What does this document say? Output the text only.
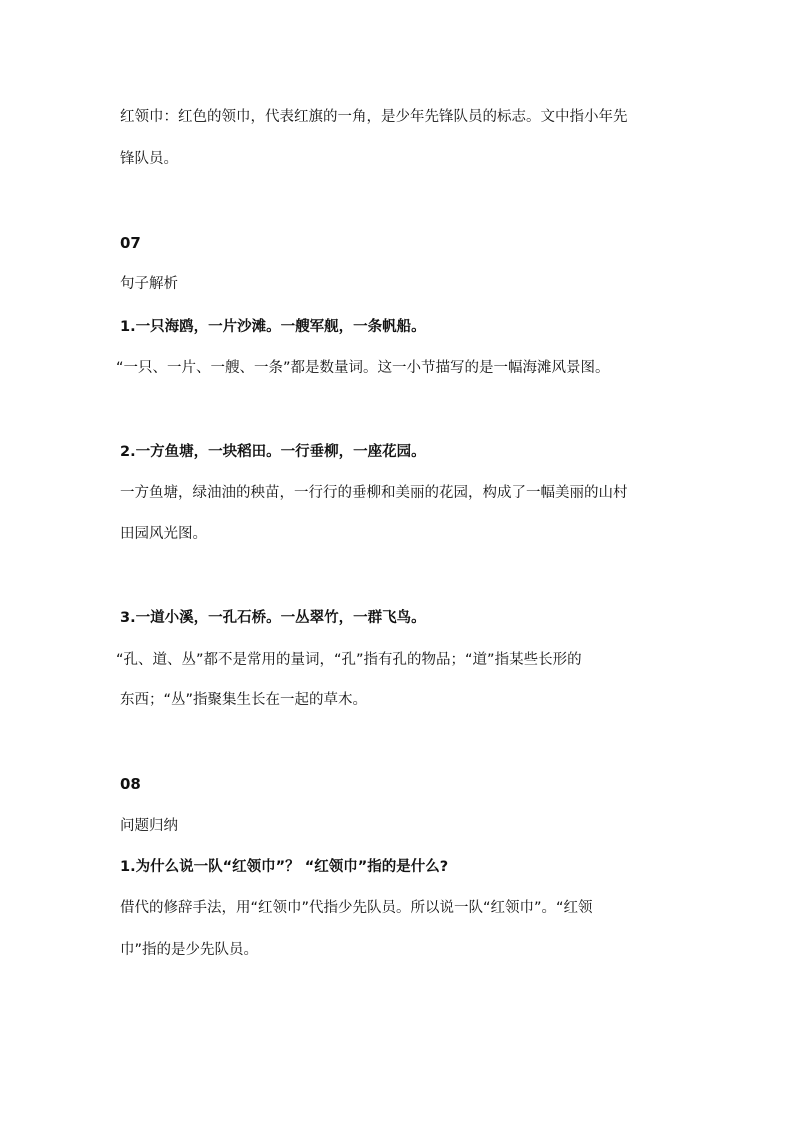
红领巾：红色的领巾，代表红旗的一角，是少年先锋队员的标志。文中指小年先
锋队员。
07
句子解析
1.一只海鸥，一片沙滩。一艘军舰，一条帆船。
“一只、一片、一艘、一条”都是数量词。这一小节描写的是一幅海滩风景图。
2.一方鱼塘，一块稻田。一行垂柳，一座花园。
一方鱼塘，绿油油的秧苗，一行行的垂柳和美丽的花园，构成了一幅美丽的山村
田园风光图。
3.一道小溪，一孔石桥。一丛翠竹，一群飞鸟。
“孔、道、丛”都不是常用的量词，“孔”指有孔的物品；“道”指某些长形的
东西；“丛”指聚集生长在一起的草木。
08
问题归纳
1.为什么说一队“红领巾”？ “红领巾”指的是什么?
借代的修辞手法，用“红领巾”代指少先队员。所以说一队“红领巾”。“红领
巾”指的是少先队员。
